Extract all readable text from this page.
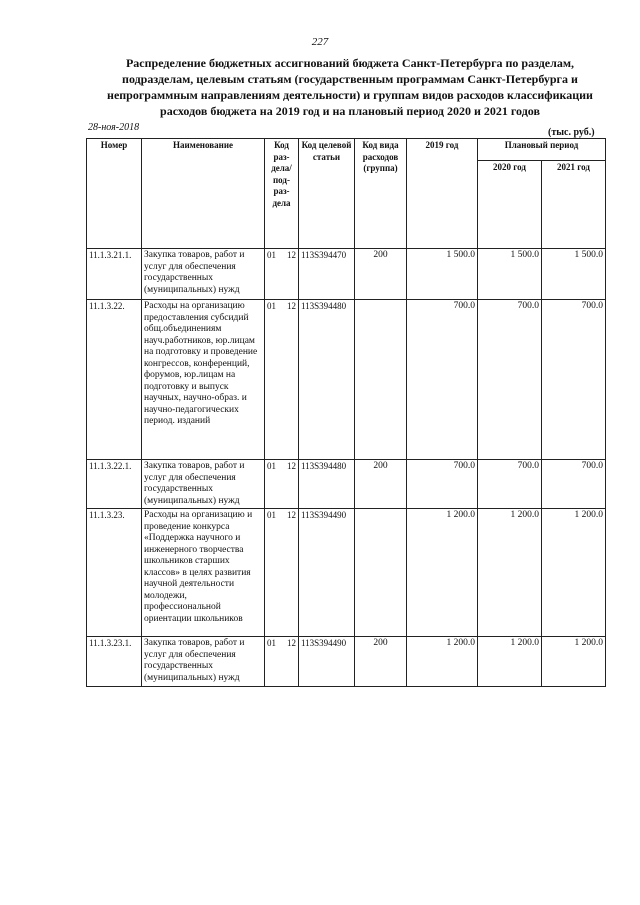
227
Распределение бюджетных ассигнований бюджета Санкт-Петербурга по разделам, подразделам, целевым статьям (государственным программам Санкт-Петербурга и непрограммным направлениям деятельности) и группам видов расходов классификации расходов бюджета на 2019 год и на плановый период 2020 и 2021 годов
28-ноя-2018	(тыс. руб.)
Номер	Наименование	Код раз-дела/ под-раз-дела	Код целевой статьи	Код вида расходов (группа)	2019 год	Плановый период	
						2020 год	2021 год
11.1.3.21.1.	Закупка товаров, работ и услуг для обеспечения государственных (муниципальных) нужд	01 12	113S394470	200	1 500.0	1 500.0	1 500.0
11.1.3.22.	Расходы на организацию предоставления субсидий общ.объединениям науч.работников, юр.лицам на подготовку и проведение конгрессов, конференций, форумов, юр.лицам на подготовку и выпуск научных, научно-образ. и научно-педагогических период. изданий	01 12	113S394480		700.0	700.0	700.0
11.1.3.22.1.	Закупка товаров, работ и услуг для обеспечения государственных (муниципальных) нужд	01 12	113S394480	200	700.0	700.0	700.0
11.1.3.23.	Расходы на организацию и проведение конкурса «Поддержка научного и инженерного творчества школьников старших классов» в целях развития научной деятельности молодежи, профессиональной ориентации школьников	01 12	113S394490		1 200.0	1 200.0	1 200.0
11.1.3.23.1.	Закупка товаров, работ и услуг для обеспечения государственных (муниципальных) нужд	01 12	113S394490	200	1 200.0	1 200.0	1 200.0
